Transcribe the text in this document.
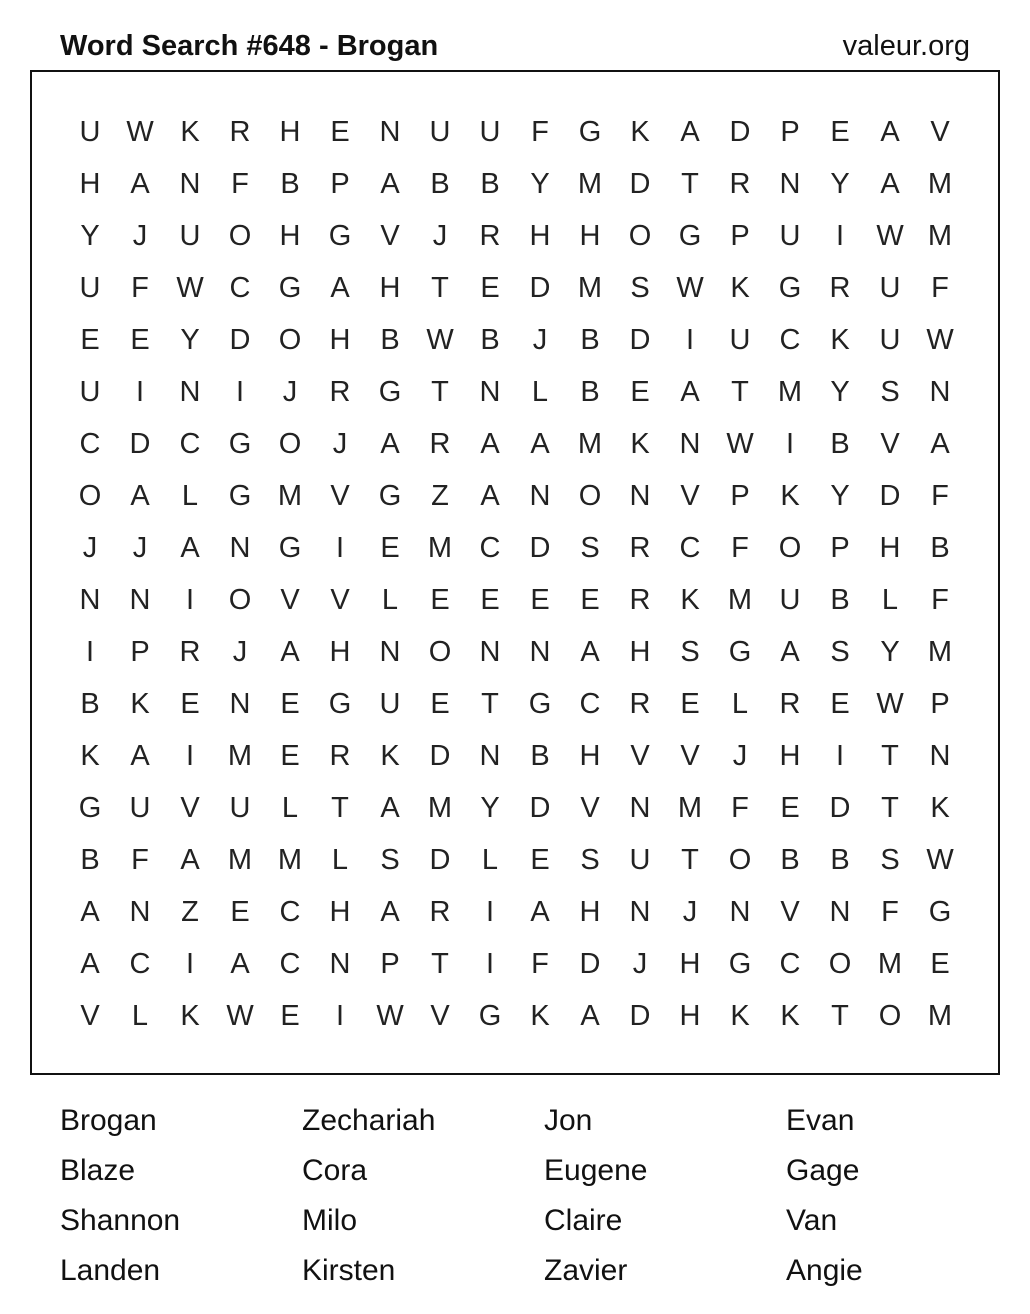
Word Search #648 - Brogan	valeur.org
U W K	R	H	E	N	U	U	F	G	K	A	D	P	E	A	V
H	A	N	F	B	P	A	B	B	Y M D	T	R	N	Y	A M
Y	J	U O H G	V	J	R	H	H O G	P	U	I	W M
U	F W C G	A	H	T	E	D M S W K	G R	U	F
E	E	Y	D O H	B W B	J	B	D	I	U	C	K	U W
U	I	N	I	J	R G	T	N	L	B	E	A	T	M Y	S	N
C	D	C G O	J	A	R	A	A M K	N W	I	B	V	A
O	A	L	G M V	G	Z	A	N O N	V	P	K	Y	D	F
J	J	A	N G	I	E M C	D	S	R	C	F	O	P	H	B
N	N	I	O	V	V	L	E	E	E	E	R	K M U	B	L	F
I	P	R	J	A	H	N O N	N	A	H	S	G	A	S	Y M
B	K	E	N	E	G U	E	T	G C	R	E	L	R	E W P
K	A	I	M E	R	K	D	N	B	H	V	V	J	H	I	T	N
G U	V	U	L	T	A M Y	D	V	N M	F	E	D	T	K
B	F	A M M	L	S	D	L	E	S	U	T	O	B	B	S W
A	N	Z	E	C	H	A	R	I	A	H	N	J	N	V	N	F	G
A	C	I	A	C	N	P	T	I	F	D	J	H G C O M E
V	L	K W E	I	W V	G	K	A	D	H	K	K	T	O M
Brogan	Zechariah	Jon	Evan
Blaze	Cora	Eugene	Gage
Shannon	Milo	Claire	Van
Landen	Kirsten	Zavier	Angie
